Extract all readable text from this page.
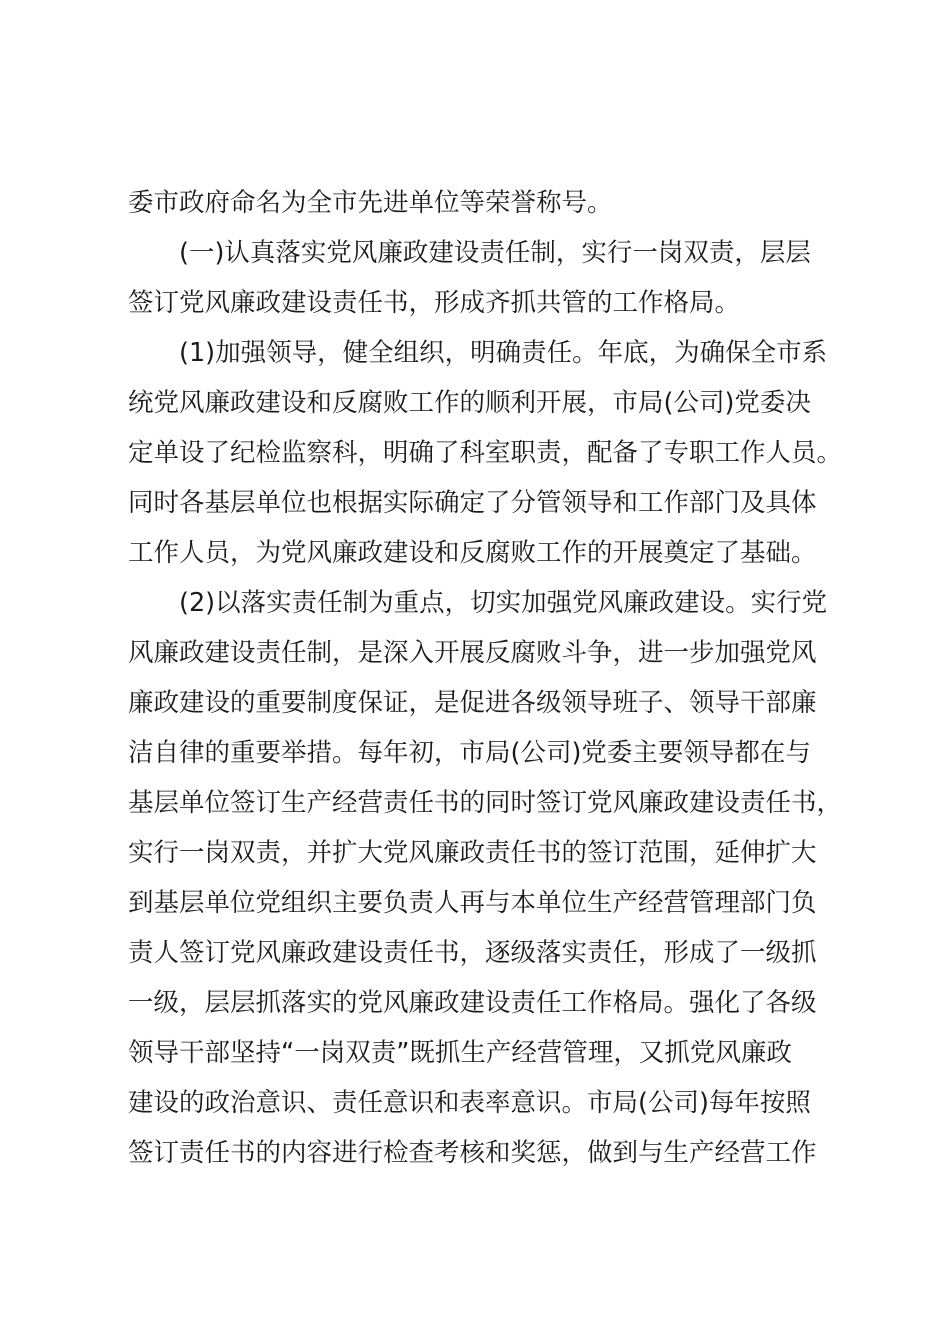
委市政府命名为全市先进单位等荣誉称号。
(一)认真落实党风廉政建设责任制，实行一岗双责，层层
签订党风廉政建设责任书，形成齐抓共管的工作格局。
(1)加强领导，健全组织，明确责任。年底，为确保全市系
统党风廉政建设和反腐败工作的顺利开展，市局(公司)党委决
定单设了纪检监察科，明确了科室职责，配备了专职工作人员。
同时各基层单位也根据实际确定了分管领导和工作部门及具体
工作人员，为党风廉政建设和反腐败工作的开展奠定了基础。
(2)以落实责任制为重点，切实加强党风廉政建设。实行党
风廉政建设责任制，是深入开展反腐败斗争，进一步加强党风
廉政建设的重要制度保证，是促进各级领导班子、领导干部廉
洁自律的重要举措。每年初，市局(公司)党委主要领导都在与
基层单位签订生产经营责任书的同时签订党风廉政建设责任书，
实行一岗双责，并扩大党风廉政责任书的签订范围，延伸扩大
到基层单位党组织主要负责人再与本单位生产经营管理部门负
责人签订党风廉政建设责任书，逐级落实责任，形成了一级抓
一级，层层抓落实的党风廉政建设责任工作格局。强化了各级
领导干部坚持“一岗双责”既抓生产经营管理，又抓党风廉政
建设的政治意识、责任意识和表率意识。市局(公司)每年按照
签订责任书的内容进行检查考核和奖惩，做到与生产经营工作
